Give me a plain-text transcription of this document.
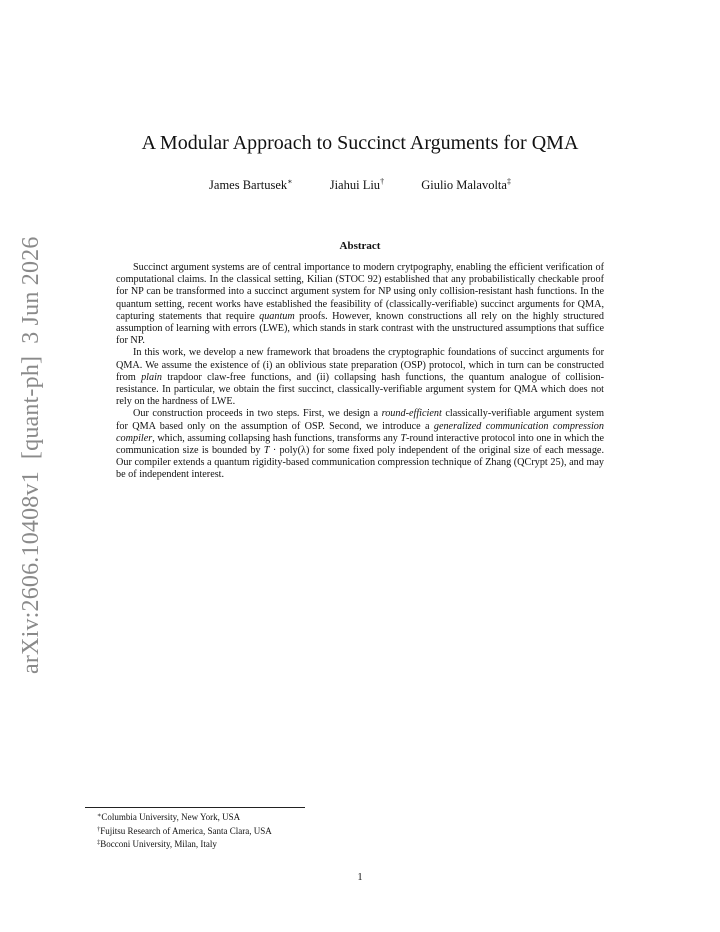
arXiv:2606.10408v1[quant-ph]3 Jun 2026
A Modular Approach to Succinct Arguments for QMA
James Bartusek∗	Jiahui Liu†	Giulio Malavolta‡
Abstract

Succinct argument systems are of central importance to modern crytpography, enabling the efficient verification of computational claims. In the classical setting, Kilian (STOC 92) established that any probabilistically checkable proof for NP can be transformed into a succinct argument system for NP using only collision-resistant hash functions. In the quantum setting, recent works have established the feasibility of (classically-verifiable) succinct arguments for QMA, capturing statements that require quantum proofs. However, known constructions all rely on the highly structured assumption of learning with errors (LWE), which stands in stark contrast with the unstructured assumptions that suffice for NP.

In this work, we develop a new framework that broadens the cryptographic foundations of succinct arguments for QMA. We assume the existence of (i) an oblivious state preparation (OSP) protocol, which in turn can be constructed from plain trapdoor claw-free functions, and (ii) collapsing hash functions, the quantum analogue of collision-resistance. In particular, we obtain the first succinct, classically-verifiable argument system for QMA which does not rely on the hardness of LWE.

Our construction proceeds in two steps. First, we design a round-efficient classically-verifiable argument system for QMA based only on the assumption of OSP. Second, we introduce a generalized communication compression compiler, which, assuming collapsing hash functions, transforms any T-round interactive protocol into one in which the communication size is bounded by T · poly(λ) for some fixed poly independent of the original size of each message. Our compiler extends a quantum rigidity-based communication compression technique of Zhang (QCrypt 25), and may be of independent interest.

∗Columbia University, New York, USA
†Fujitsu Research of America, Santa Clara, USA
‡Bocconi University, Milan, Italy
1
